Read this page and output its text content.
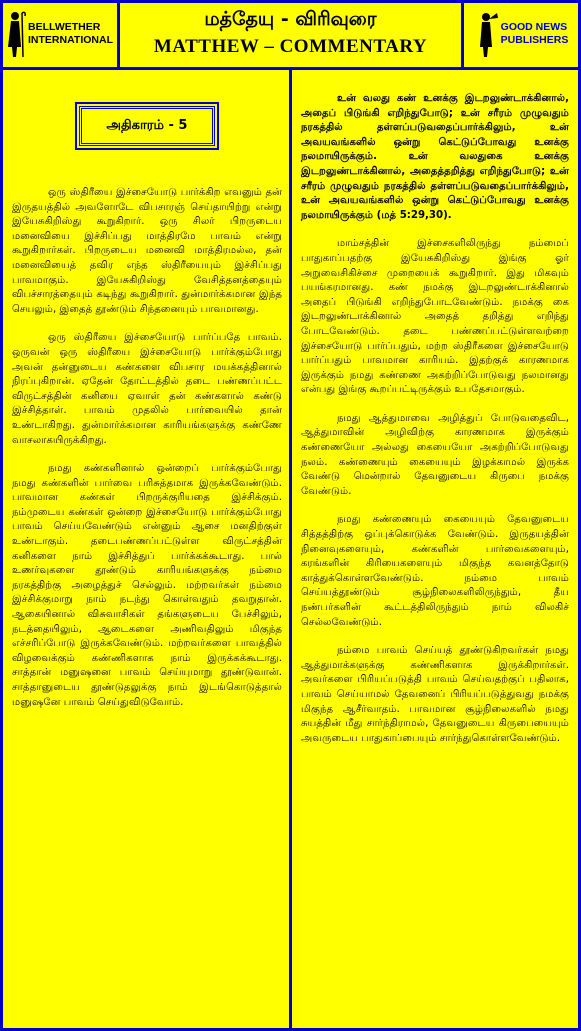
BELLWETHER
INTERNATIONAL
மத்தேயு - விரிவுரை
MATTHEW – COMMENTARY
GOOD NEWS
PUBLISHERS
அதிகாரம் - 5

ஒரு ஸ்திரீயை இச்சையோடு பார்க்கிற எவனும் தன் இருதயத்தில் அவளோடே விபசாரஞ் செய்தாயிற்று என்று இயேசுகிறிஸ்து கூறுகிறார். ஒரு சிலர் பிறருடைய மனைவியை இச்சிப்பது மாத்திரமே பாவம் என்று கூறுகிறார்கள். பிறருடைய மனைவி மாத்திரமல்ல, தன் மனைவியைத் தவிர எந்த ஸ்திரீயையும் இச்சிப்பது பாவமாகும். இயேசுகிறிஸ்து வேசித்தனத்தையும் விபச்சாரத்தையும் கடிந்து கூறுகிறார். துன்மார்க்கமான இந்த செயலும், இதைத் தூண்டும் சிந்தனையும் பாவமானது.

ஒரு ஸ்திரீயை இச்சையோடு பார்ப்பதே பாவம். ஒருவன் ஒரு ஸ்திரீயை இச்சையோடு பார்க்கும்போது அவன் தன்னுடைய கண்களை விபசார மயக்கத்தினால் நிரப்புகிறான். ஏதேன் தோட்டத்தில் தடை பண்ணப்பட்ட விருட்சத்தின் கனியை ஏவாள் தன் கண்களால் கண்டு இச்சித்தாள். பாவம் முதலில் பார்வையில் தான் உண்டாகிறது. துன்மார்க்கமான காரியங்களுக்கு கண்ணே வாசலாகயிருக்கிறது.

நமது கண்களினால் ஒன்றைப் பார்க்கும்போது நமது கண்களின் பார்வை பரிசுத்தமாக இருக்கவேண்டும். பாவமான கண்கள் பிறருக்குரியதை இச்சிக்கும். நம்முடைய கண்கள் ஒன்றை இச்சையோடு பார்க்கும்போது பாவம் செய்யவேண்டும் என்னும் ஆசை மனதிற்குள் உண்டாகும். தடைபண்ணப்பட்டுள்ள விருட்சத்தின் கனிகளை நாம் இச்சித்துப் பார்க்கக்கூடாது. பால் உணர்வுகளை தூண்டும் காரியங்களுக்கு நம்மை நரகத்திற்கு அழைத்துச் செல்லும். மற்றவர்கள் நம்மை இச்சிக்குமாறு நாம் நடந்து கொள்வதும் தவறுதான். ஆகையினால் விசுவாசிகள் தங்களுடைய பேச்சிலும், நடத்தையிலும், ஆடைகளை அணிவதிலும் மிகுந்த எச்சரிப்போடு இருக்கவேண்டும். மற்றவர்களை பாவத்தில் விழவைக்கும் கண்ணிகளாக நாம் இருக்கக்கூடாது. சாத்தான் மனுஷனை பாவம் செய்யுமாறு தூண்டுவான். சாத்தானுடைய தூண்டுதலுக்கு நாம் இடங்கொடுத்தால் மனுஷனே பாவம் செய்துவிடுவோம்.

உன் வலது கண் உனக்கு இடறலுண்டாக்கினால், அதைப் பிடுங்கி எறிந்துபோடு; உன் சரீரம் முழுவதும் நரகத்தில் தள்ளப்படுவதைப்பார்க்கிலும், உன் அவயவங்களில் ஒன்று கெட்டுப்போவது உனக்கு நலமாயிருக்கும். உன் வலதுகை உனக்கு இடறலுண்டாக்கினால், அதைத்தறித்து எறிந்துபோடு; உன் சரீரம் முழுவதும் நரகத்தில் தள்ளப்படுவதைப்பார்க்கிலும், உன் அவயவங்களில் ஒன்று கெட்டுப்போவது உனக்கு நலமாயிருக்கும் (மத் 5:29,30).

மாம்சத்தின் இச்சைகளிலிருந்து நம்மைப் பாதுகாப்பதற்கு இயேசுகிறிஸ்து இங்கு ஓர் அறுவைசிகிச்சை முறையைக் கூறுகிறார். இது மிகவும் பயங்கரமானது. கண் நமக்கு இடறலுண்டாக்கினால் அதைப் பிடுங்கி எறிந்துபோடவேண்டும். நமக்கு கை இடறலுண்டாக்கினால் அதைத் தறித்து எறிந்து போடவேண்டும். தடை பண்ணப்பட்டுள்ளவற்றை இச்சையோடு பார்ப்பதும், மற்ற ஸ்திரீகளை இச்சையோடு பார்ப்பதும் பாவமான காரியம். இதற்குக் காரணமாக இருக்கும் நமது கண்ணை அகற்றிப்போடுவது நலமானது என்பது இங்கு கூறப்பட்டிருக்கும் உபதேசமாகும்.

நமது ஆத்துமாவை அழித்துப் போடுவதைவிட, ஆத்துமாவின் அழிவிற்கு காரணமாக இருக்கும் கண்ணையோ அல்லது கையையோ அகற்றிப்போடுவது நலம். கண்ணையும் கையையும் இழக்காமல் இருக்க வேண்டு மென்றால் தேவனுடைய கிருபை நமக்கு வேண்டும்.

நமது கண்ணையும் கையையும் தேவனுடைய சித்தத்திற்கு ஒப்புக்கொடுக்க வேண்டும். இருதயத்தின் நினைவுகளையும், கண்களின் பார்வைகளையும், கரங்களின் கிரியைகளையும் மிகுந்த கவனத்தோடு காத்துக்கொள்ளவேண்டும். நம்மை பாவம் செய்யத்தூண்டும் சூழ்நிலைகளிலிருந்தும், தீய நண்பர்களின் கூட்டத்திலிருந்தும் நாம் விலகிச் செல்லவேண்டும்.

நம்மை பாவம் செய்யத் தூண்டுகிறவர்கள் நமது ஆத்துமாக்களுக்கு கண்ணிகளாக இருக்கிறார்கள். அவர்களை பிரியப்படுத்தி பாவம் செய்வதற்குப் பதிலாக, பாவம் செய்யாமல் தேவனைப் பிரியப்படுத்துவது நமக்கு மிகுந்த ஆசீர்வாதம். பாவமான சூழ்நிலைகளில் நமது சுயத்தின் மீது சார்ந்திராமல், தேவனுடைய கிருபையையும் அவருடைய பாதுகாப்பையும் சார்ந்துகொள்ளவேண்டும்.
